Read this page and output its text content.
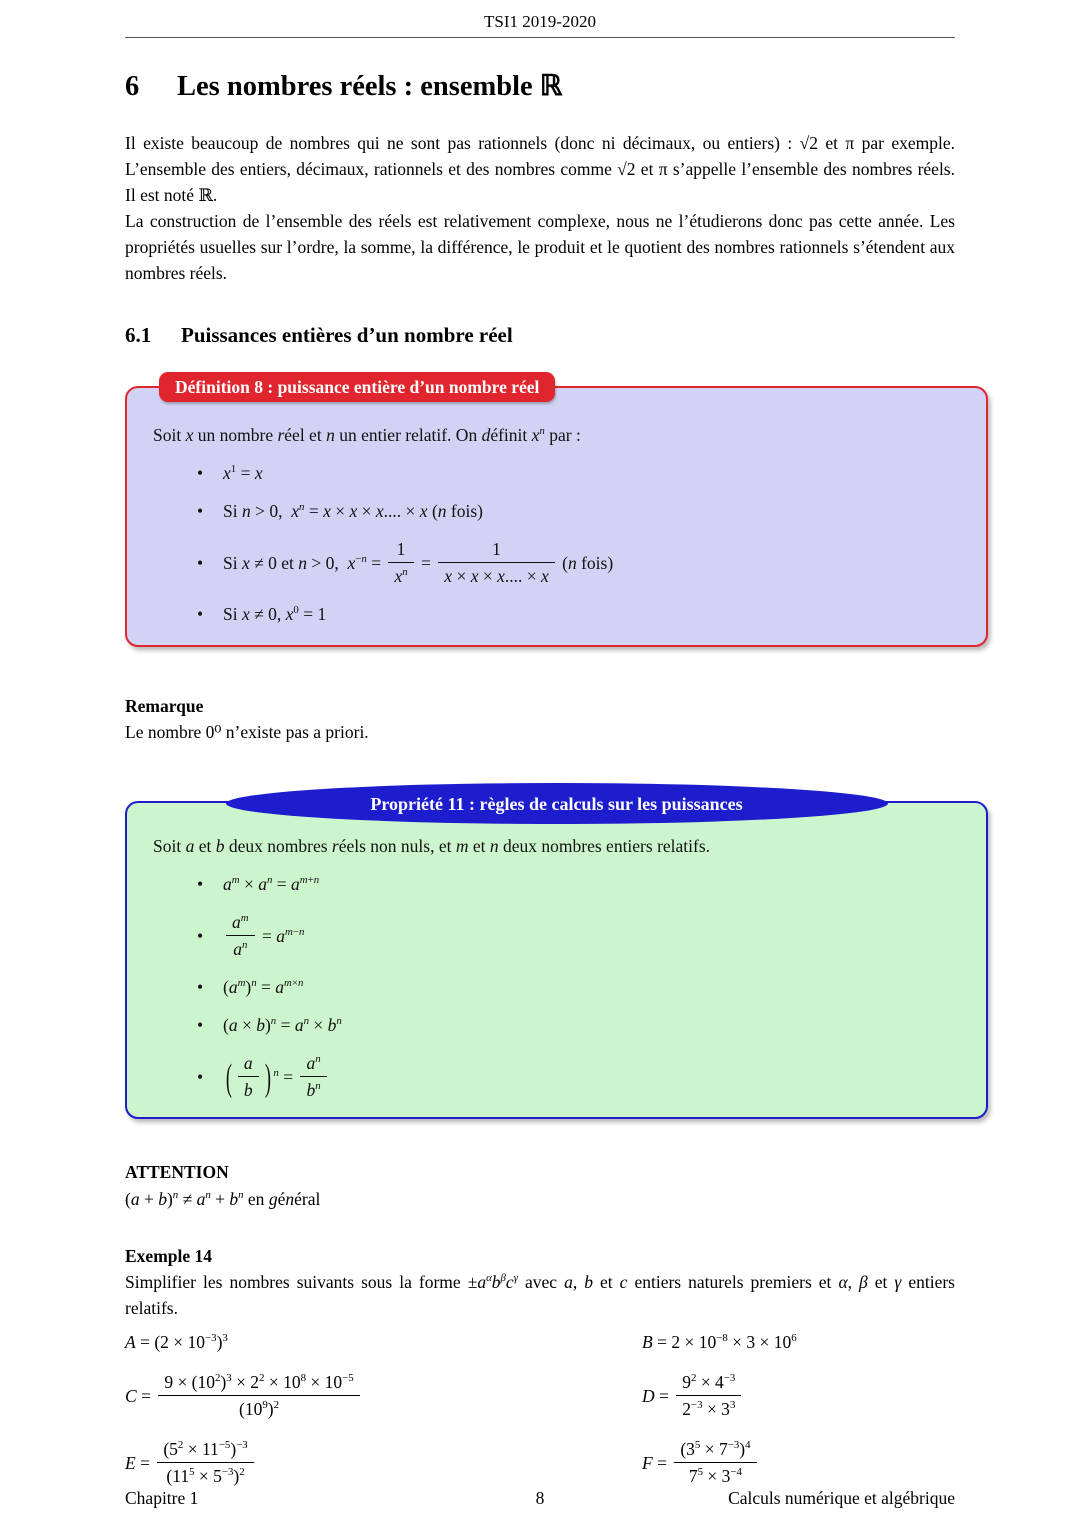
TSI1 2019-2020
6	Les nombres réels : ensemble ℝ

Il existe beaucoup de nombres qui ne sont pas rationnels (donc ni décimaux, ou entiers) : √2 et π par exemple. L’ensemble des entiers, décimaux, rationnels et des nombres comme √2 et π s’appelle l’ensemble des nombres réels. Il est noté ℝ.

La construction de l’ensemble des réels est relativement complexe, nous ne l’étudierons donc pas cette année. Les propriétés usuelles sur l’ordre, la somme, la différence, le produit et le quotient des nombres rationnels s’étendent aux nombres réels.

6.1	Puissances entières d’un nombre réel
Définition 8 : puissance entière d’un nombre réel
Soit x un nombre réel et n un entier relatif. On définit $x^n$ par :
• $x^1 = x$
• Si n > 0,  $x^n = x \times x \times x$.... × x (n fois)
• Si x ≠ 0 et n > 0,  $x^{-n} = \frac{1}{x^n} = \frac{1}{x \times x \times x.... \times x} (n$ fois)
• Si x ≠ 0, $x^0 = 1$
Remarque
Le nombre 0⁰ n’existe pas a priori.
Propriété 11 : règles de calculs sur les puissances
Soit a et b deux nombres réels non nuls, et m et n deux nombres entiers relatifs.
• $a^m \times a^n = a^{m+n}$
• $\frac{a^m}{a^n} = a^{m-n}$
• $(a^m)^n = a^{m\times n}$
• $(a \times b)^n = a^n \times b^n$
• ( $\frac{a}{b}$ ) $^n = \frac{a^n}{b^n}$
ATTENTION
$(a + b)^n \ne a^n + b^n$ en général
Exemple 14
Simplifier les nombres suivants sous la forme $\pm a^\alpha b^\beta c^\gamma$ avec a, b et c entiers naturels premiers et α, β et γ entiers relatifs.
$A = (2 \times 10^{-3})^3$	$B = 2 \times 10^{-8} \times 3 \times 10^6$
$C = \frac{9 \times (10^2)^3 \times 2^2 \times 10^8 \times 10^{-5}}{(10^9)^2}$	$D = \frac{9^2 \times 4^{-3}}{2^{-3} \times 3^3}$
$E = \frac{(5^2 \times 11^{-5})^{-3}}{(11^5 \times 5^{-3})^2}$	$F = \frac{(3^5 \times 7^{-3})^4}{7^5 \times 3^{-4}}$
Chapitre 1	8	Calculs numérique et algébrique
